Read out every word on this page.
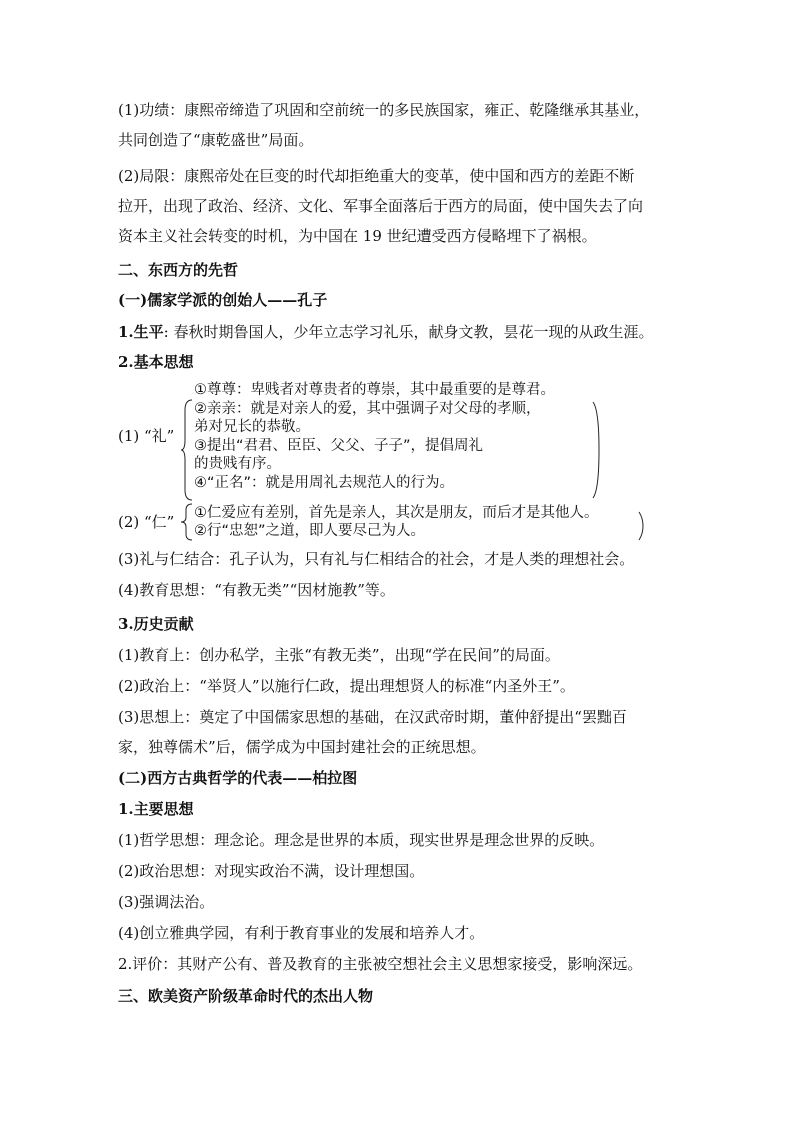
(1)功绩：康熙帝缔造了巩固和空前统一的多民族国家，雍正、乾隆继承其基业，
共同创造了“康乾盛世”局面。
(2)局限：康熙帝处在巨变的时代却拒绝重大的变革，使中国和西方的差距不断
拉开，出现了政治、经济、文化、军事全面落后于西方的局面，使中国失去了向
资本主义社会转变的时机，为中国在 19 世纪遭受西方侵略埋下了祸根。
二、东西方的先哲
(一)儒家学派的创始人——孔子
1.生平: 春秋时期鲁国人，少年立志学习礼乐，献身文教，昙花一现的从政生涯。
2.基本思想
(1) “礼”
①尊尊：卑贱者对尊贵者的尊崇，其中最重要的是尊君。
②亲亲：就是对亲人的爱，其中强调子对父母的孝顺，
弟对兄长的恭敬。
③提出“君君、臣臣、父父、子子”，提倡周礼
的贵贱有序。
④“正名”：就是用周礼去规范人的行为。
(2) “仁” ①仁爱应有差别，首先是亲人，其次是朋友，而后才是其他人。
②行“忠恕”之道，即人要尽己为人。
(3)礼与仁结合：孔子认为，只有礼与仁相结合的社会，才是人类的理想社会。
(4)教育思想：“有教无类”“因材施教”等。
3.历史贡献
(1)教育上：创办私学，主张“有教无类”，出现“学在民间”的局面。
(2)政治上：“举贤人”以施行仁政，提出理想贤人的标准“内圣外王”。
(3)思想上：奠定了中国儒家思想的基础，在汉武帝时期，董仲舒提出“罢黜百
家，独尊儒术”后，儒学成为中国封建社会的正统思想。
(二)西方古典哲学的代表——柏拉图
1.主要思想
(1)哲学思想：理念论。理念是世界的本质，现实世界是理念世界的反映。
(2)政治思想：对现实政治不满，设计理想国。
(3)强调法治。
(4)创立雅典学园，有利于教育事业的发展和培养人才。
2.评价：其财产公有、普及教育的主张被空想社会主义思想家接受，影响深远。
三、欧美资产阶级革命时代的杰出人物
